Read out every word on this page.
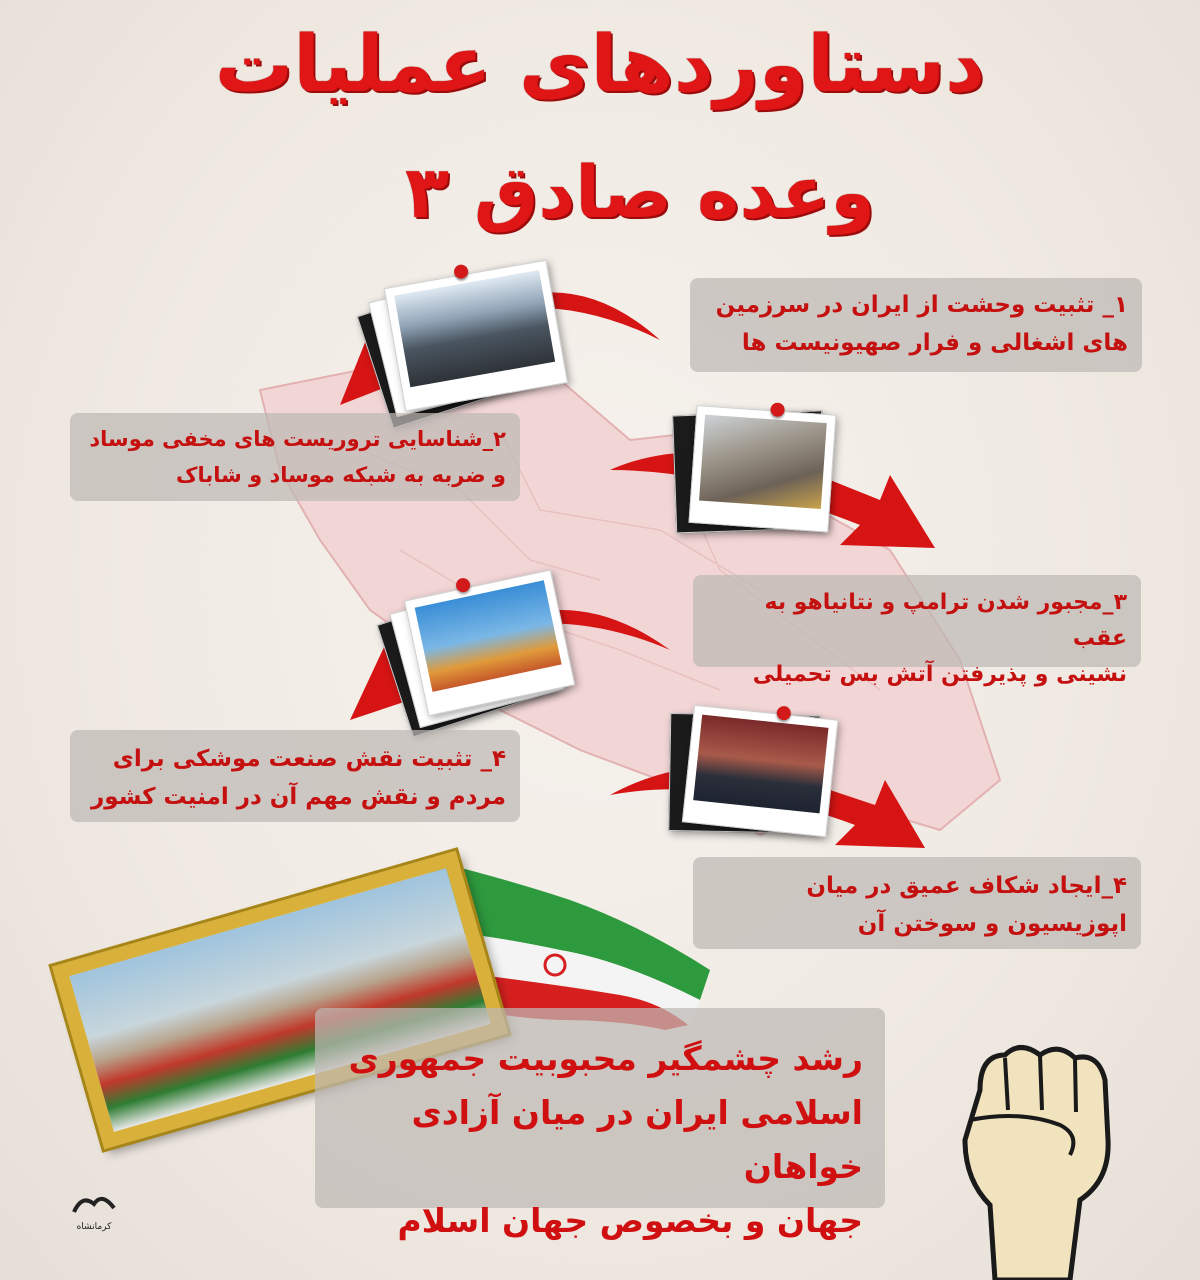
دستاوردهای عملیات
وعده صادق ۳
۱_ تثبیت وحشت از ایران در سرزمین
های اشغالی و فرار صهیونیست ها
۲_شناسایی تروریست های مخفی موساد
و ضربه به شبکه موساد و شاباک
۳_مجبور شدن ترامپ و نتانیاهو به عقب
نشینی و پذیرفتن آتش بس تحمیلی
۴_ تثبیت نقش صنعت موشکی برای
مردم و نقش مهم آن در امنیت کشور
۴_ایجاد شکاف عمیق در میان
اپوزیسیون و سوختن آن
رشد چشمگیر محبوبیت جمهوری
اسلامی ایران در میان آزادی خواهان
جهان و بخصوص جهان اسلام
کرمانشاه
